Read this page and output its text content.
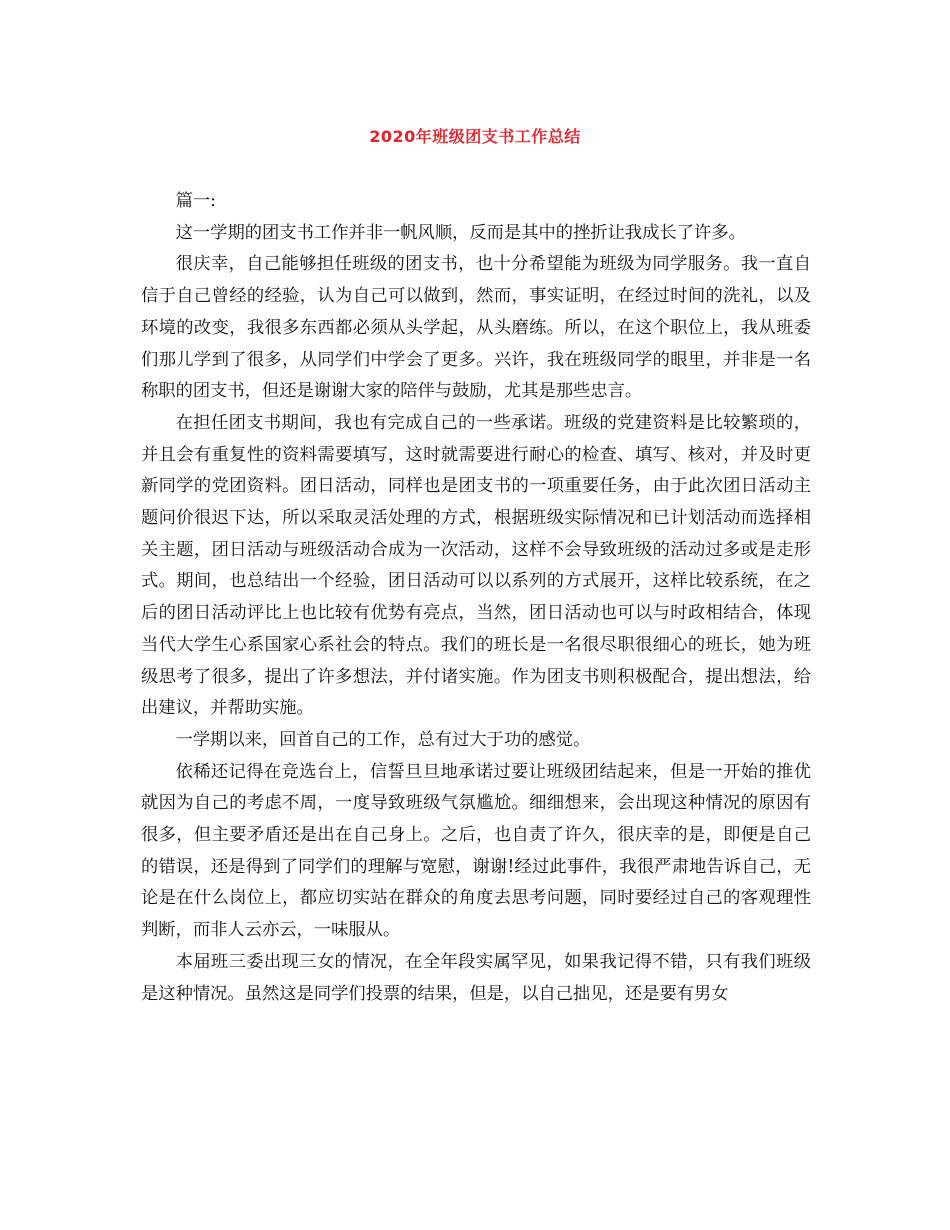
2020年班级团支书工作总结

篇一:

这一学期的团支书工作并非一帆风顺，反而是其中的挫折让我成长了许多。

很庆幸，自己能够担任班级的团支书，也十分希望能为班级为同学服务。我一直自信于自己曾经的经验，认为自己可以做到，然而，事实证明，在经过时间的洗礼，以及环境的改变，我很多东西都必须从头学起，从头磨练。所以，在这个职位上，我从班委们那儿学到了很多，从同学们中学会了更多。兴许，我在班级同学的眼里，并非是一名称职的团支书，但还是谢谢大家的陪伴与鼓励，尤其是那些忠言。

在担任团支书期间，我也有完成自己的一些承诺。班级的党建资料是比较繁琐的，并且会有重复性的资料需要填写，这时就需要进行耐心的检查、填写、核对，并及时更新同学的党团资料。团日活动，同样也是团支书的一项重要任务，由于此次团日活动主题问价很迟下达，所以采取灵活处理的方式，根据班级实际情况和已计划活动而选择相关主题，团日活动与班级活动合成为一次活动，这样不会导致班级的活动过多或是走形式。期间，也总结出一个经验，团日活动可以以系列的方式展开，这样比较系统，在之后的团日活动评比上也比较有优势有亮点，当然，团日活动也可以与时政相结合，体现当代大学生心系国家心系社会的特点。我们的班长是一名很尽职很细心的班长，她为班级思考了很多，提出了许多想法，并付诸实施。作为团支书则积极配合，提出想法，给出建议，并帮助实施。

一学期以来，回首自己的工作，总有过大于功的感觉。

依稀还记得在竞选台上，信誓旦旦地承诺过要让班级团结起来，但是一开始的推优就因为自己的考虑不周，一度导致班级气氛尴尬。细细想来，会出现这种情况的原因有很多，但主要矛盾还是出在自己身上。之后，也自责了许久，很庆幸的是，即便是自己的错误，还是得到了同学们的理解与宽慰，谢谢!经过此事件，我很严肃地告诉自己，无论是在什么岗位上，都应切实站在群众的角度去思考问题，同时要经过自己的客观理性判断，而非人云亦云，一味服从。

本届班三委出现三女的情况，在全年段实属罕见，如果我记得不错，只有我们班级是这种情况。虽然这是同学们投票的结果，但是，以自己拙见，还是要有男女
